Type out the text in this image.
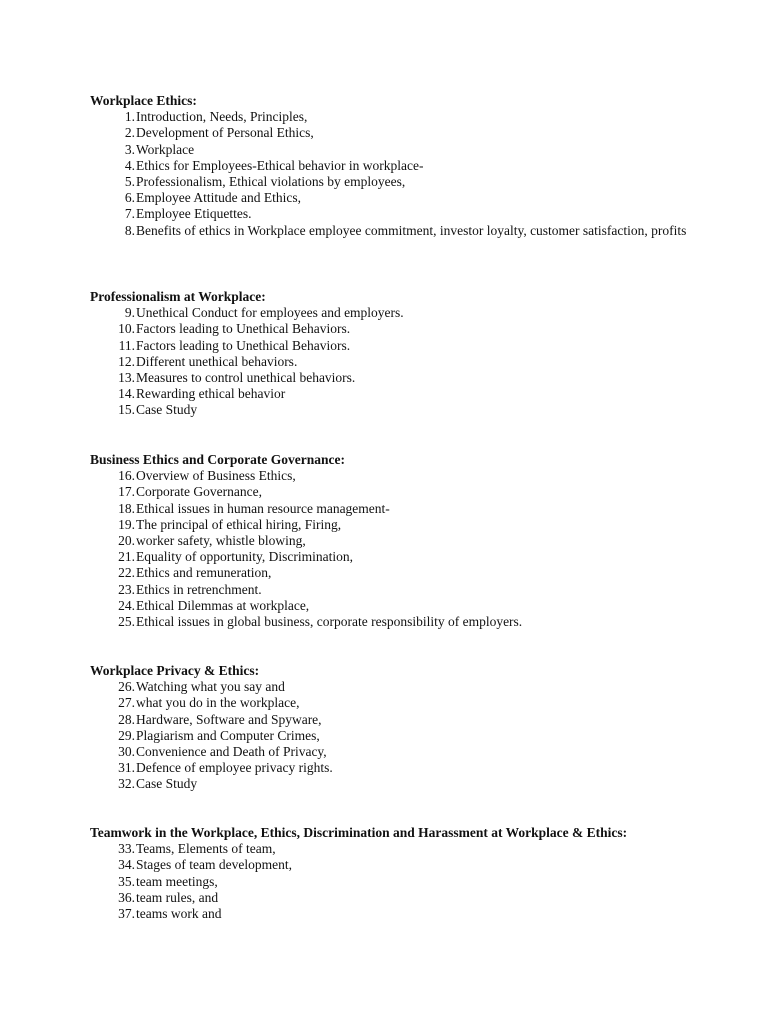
Workplace Ethics:
1. Introduction, Needs, Principles,
2. Development of Personal Ethics,
3. Workplace
4. Ethics for Employees-Ethical behavior in workplace-
5. Professionalism, Ethical violations by employees,
6. Employee Attitude and Ethics,
7. Employee Etiquettes.
8. Benefits of ethics in Workplace employee commitment, investor loyalty, customer satisfaction, profits
Professionalism at Workplace:
9. Unethical Conduct for employees and employers.
10. Factors leading to Unethical Behaviors.
11. Factors leading to Unethical Behaviors.
12. Different unethical behaviors.
13. Measures to control unethical behaviors.
14. Rewarding ethical behavior
15. Case Study
Business Ethics and Corporate Governance:
16. Overview of Business Ethics,
17. Corporate Governance,
18. Ethical issues in human resource management-
19. The principal of ethical hiring, Firing,
20. worker safety, whistle blowing,
21. Equality of opportunity, Discrimination,
22. Ethics and remuneration,
23. Ethics in retrenchment.
24. Ethical Dilemmas at workplace,
25. Ethical issues in global business, corporate responsibility of employers.
Workplace Privacy & Ethics:
26. Watching what you say and
27. what you do in the workplace,
28. Hardware, Software and Spyware,
29. Plagiarism and Computer Crimes,
30. Convenience and Death of Privacy,
31. Defence of employee privacy rights.
32. Case Study
Teamwork in the Workplace, Ethics, Discrimination and Harassment at Workplace & Ethics:
33. Teams, Elements of team,
34. Stages of team development,
35. team meetings,
36. team rules, and
37. teams work and
